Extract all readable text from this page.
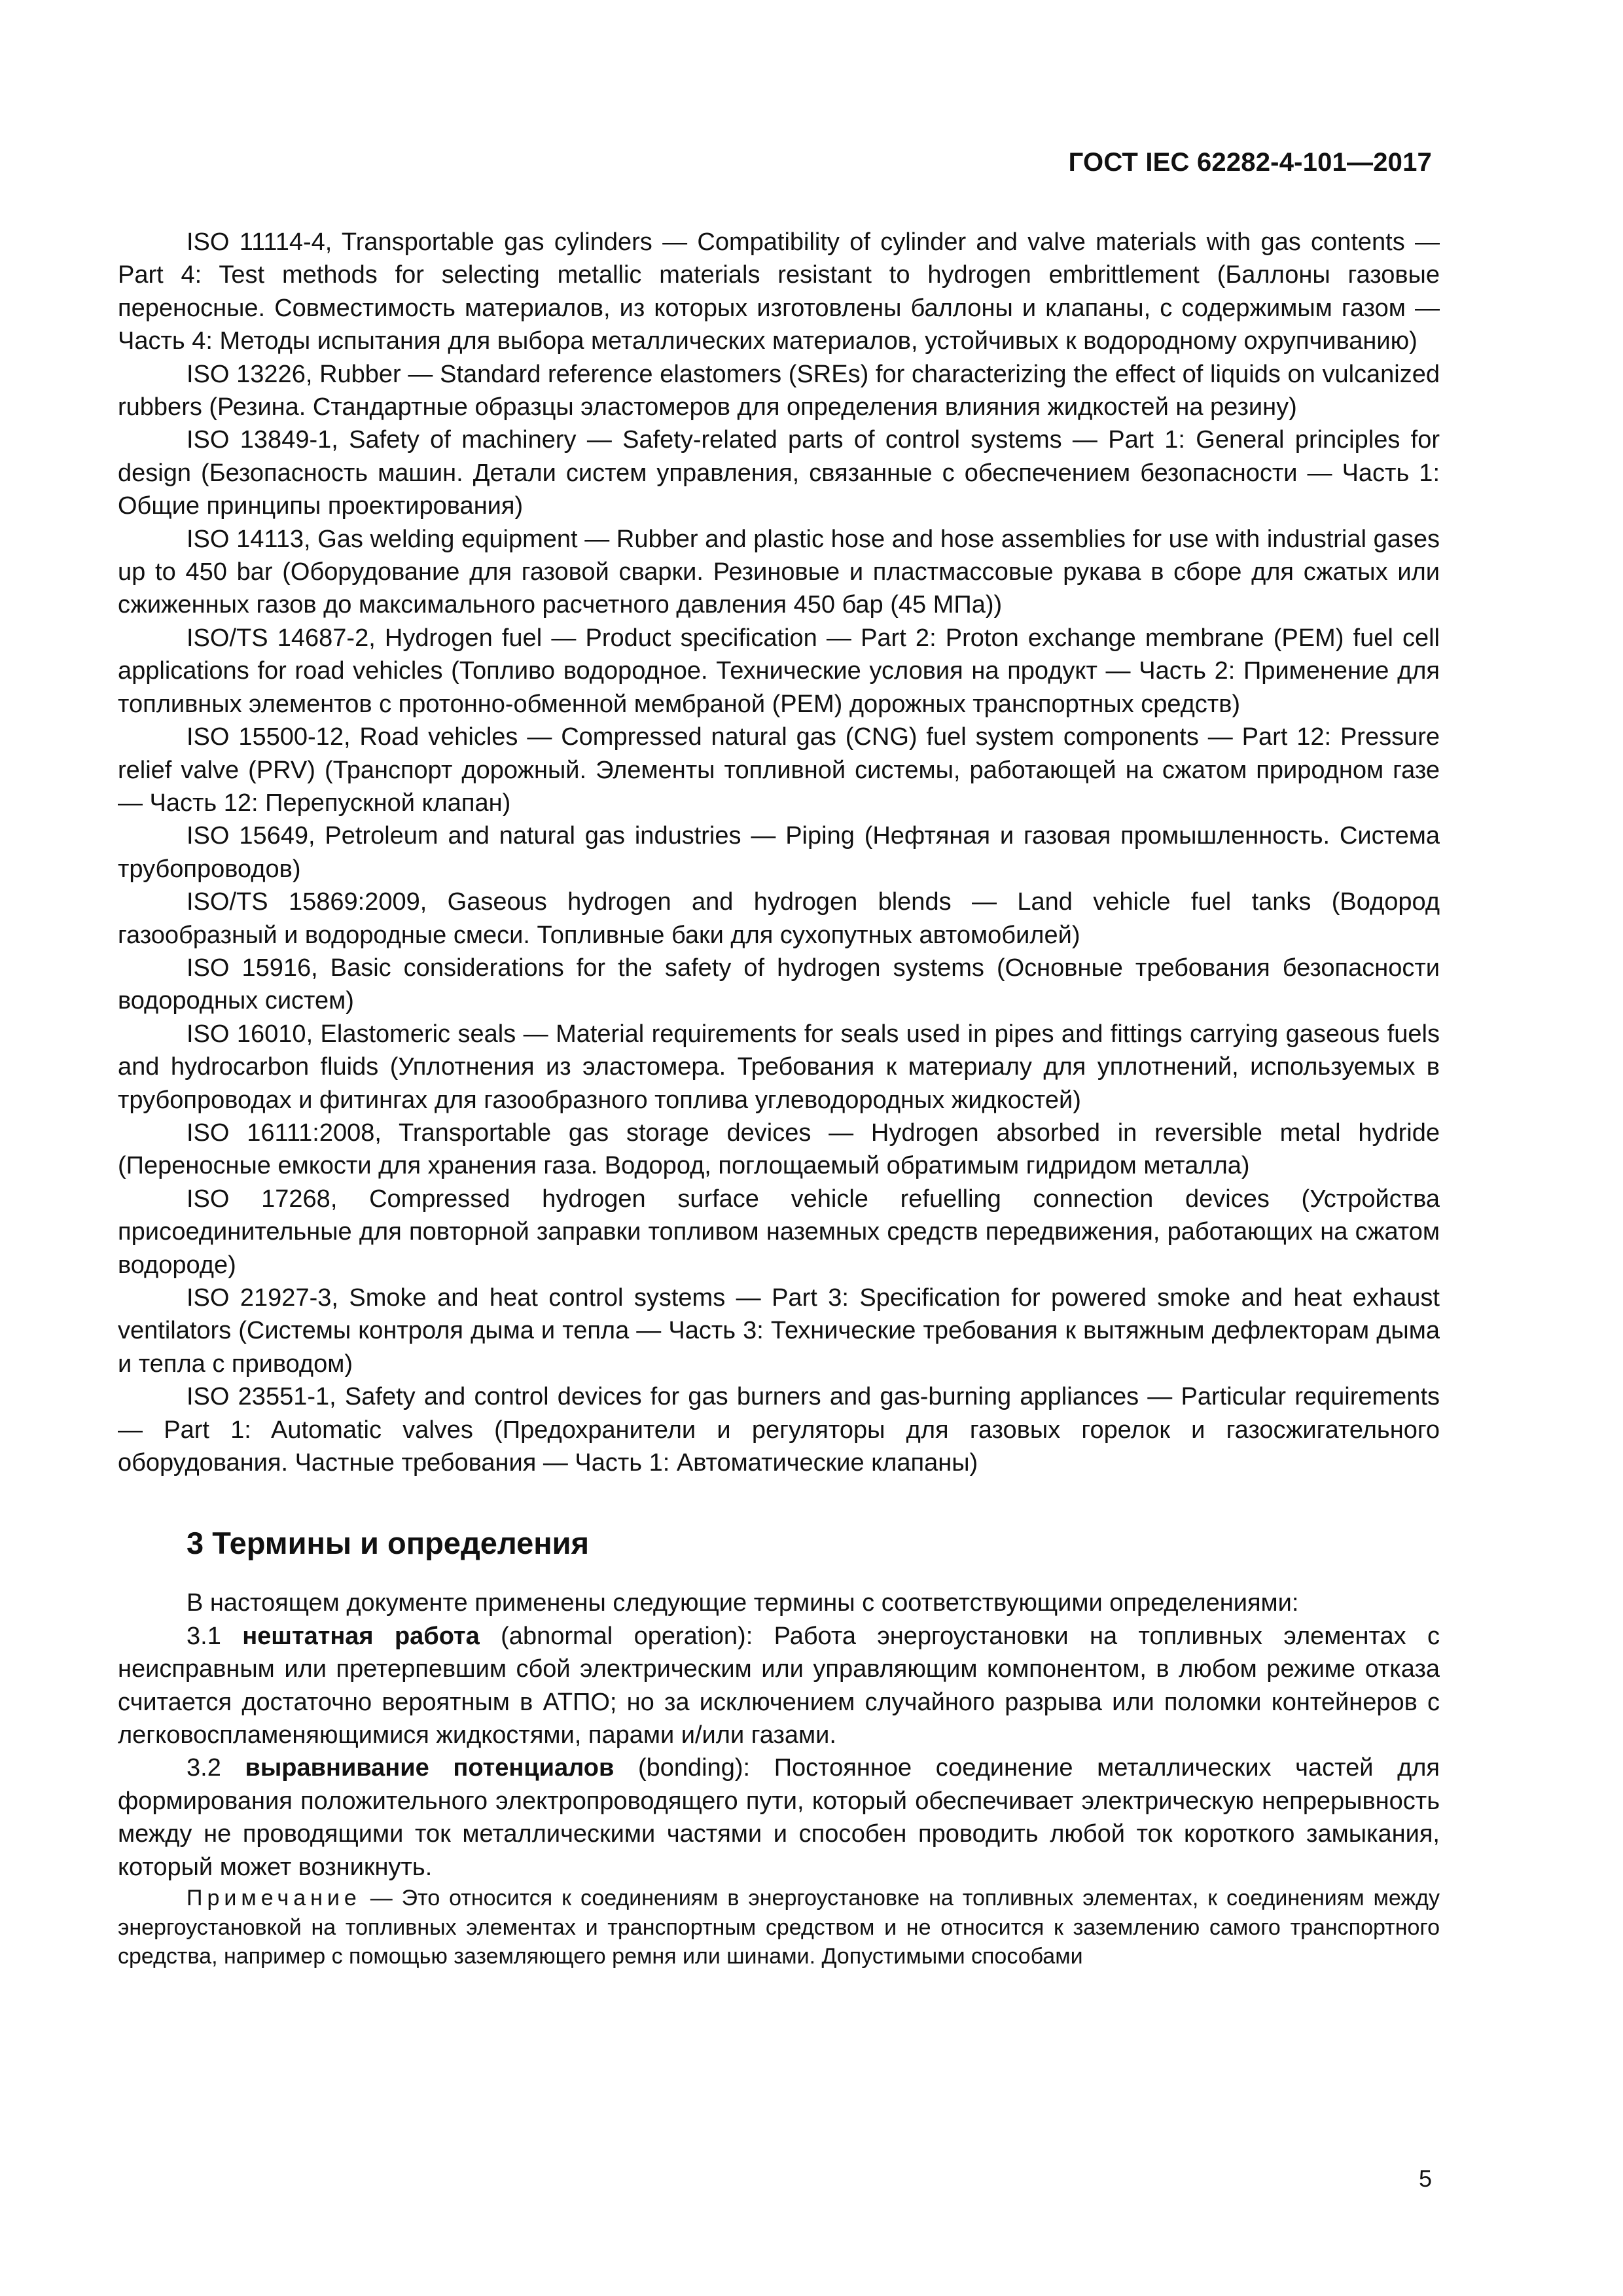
ГОСТ IEC 62282-4-101—2017

ISO 11114-4, Transportable gas cylinders — Compatibility of cylinder and valve materials with gas contents — Part 4: Test methods for selecting metallic materials resistant to hydrogen embrittlement (Баллоны газовые переносные. Совместимость материалов, из которых изготовлены баллоны и клапаны, с содержимым газом — Часть 4: Методы испытания для выбора металлических материалов, устойчивых к водородному охрупчиванию)

ISO 13226, Rubber — Standard reference elastomers (SREs) for characterizing the effect of liquids on vulcanized rubbers (Резина. Стандартные образцы эластомеров для определения влияния жидкостей на резину)

ISO 13849-1, Safety of machinery — Safety-related parts of control systems — Part 1: General principles for design (Безопасность машин. Детали систем управления, связанные с обеспечением безопасности — Часть 1: Общие принципы проектирования)

ISO 14113, Gas welding equipment — Rubber and plastic hose and hose assemblies for use with industrial gases up to 450 bar (Оборудование для газовой сварки. Резиновые и пластмассовые рукава в сборе для сжатых или сжиженных газов до максимального расчетного давления 450 бар (45 МПа))

ISO/TS 14687-2, Hydrogen fuel — Product specification — Part 2: Proton exchange membrane (PEM) fuel cell applications for road vehicles (Топливо водородное. Технические условия на продукт — Часть 2: Применение для топливных элементов с протонно-обменной мембраной (PEM) дорожных транспортных средств)

ISO 15500-12, Road vehicles — Compressed natural gas (CNG) fuel system components — Part 12: Pressure relief valve (PRV) (Транспорт дорожный. Элементы топливной системы, работающей на сжатом природном газе — Часть 12: Перепускной клапан)

ISO 15649, Petroleum and natural gas industries — Piping (Нефтяная и газовая промышленность. Система трубопроводов)

ISO/TS 15869:2009, Gaseous hydrogen and hydrogen blends — Land vehicle fuel tanks (Водород газообразный и водородные смеси. Топливные баки для сухопутных автомобилей)

ISO 15916, Basic considerations for the safety of hydrogen systems (Основные требования безопасности водородных систем)

ISO 16010, Elastomeric seals — Material requirements for seals used in pipes and fittings carrying gaseous fuels and hydrocarbon fluids (Уплотнения из эластомера. Требования к материалу для уплотнений, используемых в трубопроводах и фитингах для газообразного топлива углеводородных жидкостей)

ISO 16111:2008, Transportable gas storage devices — Hydrogen absorbed in reversible metal hydride (Переносные емкости для хранения газа. Водород, поглощаемый обратимым гидридом металла)

ISO 17268, Compressed hydrogen surface vehicle refuelling connection devices (Устройства присоединительные для повторной заправки топливом наземных средств передвижения, работающих на сжатом водороде)

ISO 21927-3, Smoke and heat control systems — Part 3: Specification for powered smoke and heat exhaust ventilators (Системы контроля дыма и тепла — Часть 3: Технические требования к вытяжным дефлекторам дыма и тепла с приводом)

ISO 23551-1, Safety and control devices for gas burners and gas-burning appliances — Particular requirements — Part 1: Automatic valves (Предохранители и регуляторы для газовых горелок и газосжигательного оборудования. Частные требования — Часть 1: Автоматические клапаны)

3 Термины и определения

В настоящем документе применены следующие термины с соответствующими определениями:

3.1 нештатная работа (abnormal operation): Работа энергоустановки на топливных элементах с неисправным или претерпевшим сбой электрическим или управляющим компонентом, в любом режиме отказа считается достаточно вероятным в АТПО; но за исключением случайного разрыва или поломки контейнеров с легковоспламеняющимися жидкостями, парами и/или газами.

3.2 выравнивание потенциалов (bonding): Постоянное соединение металлических частей для формирования положительного электропроводящего пути, который обеспечивает электрическую непрерывность между не проводящими ток металлическими частями и способен проводить любой ток короткого замыкания, который может возникнуть.

Примечание — Это относится к соединениям в энергоустановке на топливных элементах, к соединениям между энергоустановкой на топливных элементах и транспортным средством и не относится к заземлению самого транспортного средства, например с помощью заземляющего ремня или шинами. Допустимыми способами

5
